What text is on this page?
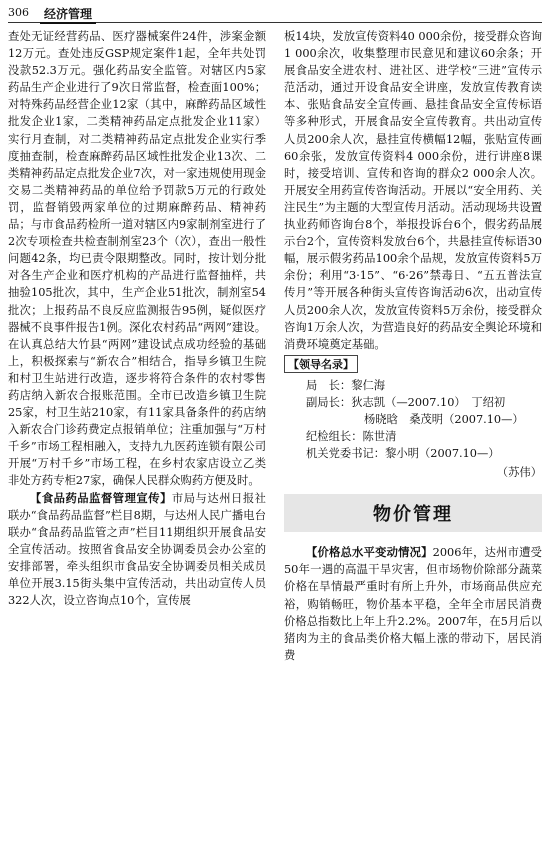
306	经济管理

查处无证经营药品、医疗器械案件24件，涉案金额12万元。查处违反GSP规定案件1起，全年共处罚没款52.3万元。强化药品安全监管。对辖区内5家药品生产企业进行了9次日常监督，检查面100%；对特殊药品经营企业12家（其中，麻醉药品区域性批发企业1家，二类精神药品定点批发企业11家）实行月查制，对二类精神药品定点批发企业实行季度抽查制，检查麻醉药品区域性批发企业13次、二类精神药品定点批发企业7次，对一家违规使用现金交易二类精神药品的单位给予罚款5万元的行政处罚，监督销毁两家单位的过期麻醉药品、精神药品；与市食品药检所一道对辖区内9家制剂室进行了2次专项检查共检查制剂室23个（次），查出一般性问题42条，均已责令限期整改。同时，按计划分批对各生产企业和医疗机构的产品进行监督抽样，共抽验105批次，其中，生产企业51批次，制剂室54批次；上报药品不良反应监测报告95例，疑似医疗器械不良事件报告1例。深化农村药品“两网”建设。在认真总结大竹县“两网”建设试点成功经验的基础上，积极探索与“新农合”相结合，指导乡镇卫生院和村卫生站进行改造，逐步将符合条件的农村零售药店纳入新农合报账范围。全市已改造乡镇卫生院25家，村卫生站210家，有11家具备条件的药店纳入新农合门诊药费定点报销单位；注重加强与“万村千乡”市场工程相融入，支持九九医药连锁有限公司开展“万村千乡”市场工程，在乡村农家店设立乙类非处方药专柜27家，确保人民群众购药方便及时。

【食品药品监督管理宣传】市局与达州日报社联办“食品药品监督”栏目8期，与达州人民广播电台联办“食品药品监管之声”栏目11期组织开展食品安全宣传活动。按照省食品安全协调委员会办公室的安排部署，牵头组织市食品安全协调委员相关成员单位开展3.15街头集中宣传活动，共出动宣传人员322人次，设立咨询点10个，宣传展

板14块，发放宣传资料40 000余份，接受群众咨询1 000余次，收集整理市民意见和建议60余条；开展食品安全进农村、进社区、进学校“三进”宣传示范活动，通过开设食品安全讲座，发放宣传教育读本、张贴食品安全宣传画、悬挂食品安全宣传标语等多种形式，开展食品安全宣传教育。共出动宣传人员200余人次，悬挂宣传横幅12幅，张贴宣传画60余张，发放宣传资料4 000余份，进行讲座8课时，接受培训、宣传和咨询的群众2 000余人次。开展安全用药宣传咨询活动。开展以“安全用药、关注民生”为主题的大型宣传月活动。活动现场共设置执业药师咨询台8个，举报投诉台6个，假劣药品展示台2个，宣传资料发放台6个，共悬挂宣传标语30幅，展示假劣药品100余个品规，发放宣传资料5万余份；利用“3·15”、“6·26”禁毒日、“五五普法宣传月”等开展各种街头宣传咨询活动6次，出动宣传人员200余人次，发放宣传资料5万余份，接受群众咨询1万余人次，为营造良好的药品安全舆论环境和消费环境奠定基础。

【领导名录】
局　长：黎仁海
副局长：狄志凯（—2007.10）　丁绍初
杨晓晗　桑茂明（2007.10—）
纪检组长：陈世清
机关党委书记：黎小明（2007.10—）
（苏伟）
物价管理

【价格总水平变动情况】2006年，达州市遭受50年一遇的高温干旱灾害，但市场物价除部分蔬菜价格在旱情最严重时有所上升外，市场商品供应充裕，购销畅旺，物价基本平稳，全年全市居民消费价格总指数比上年上升2.2%。2007年，在5月后以猪肉为主的食品类价格大幅上涨的带动下，居民消费
